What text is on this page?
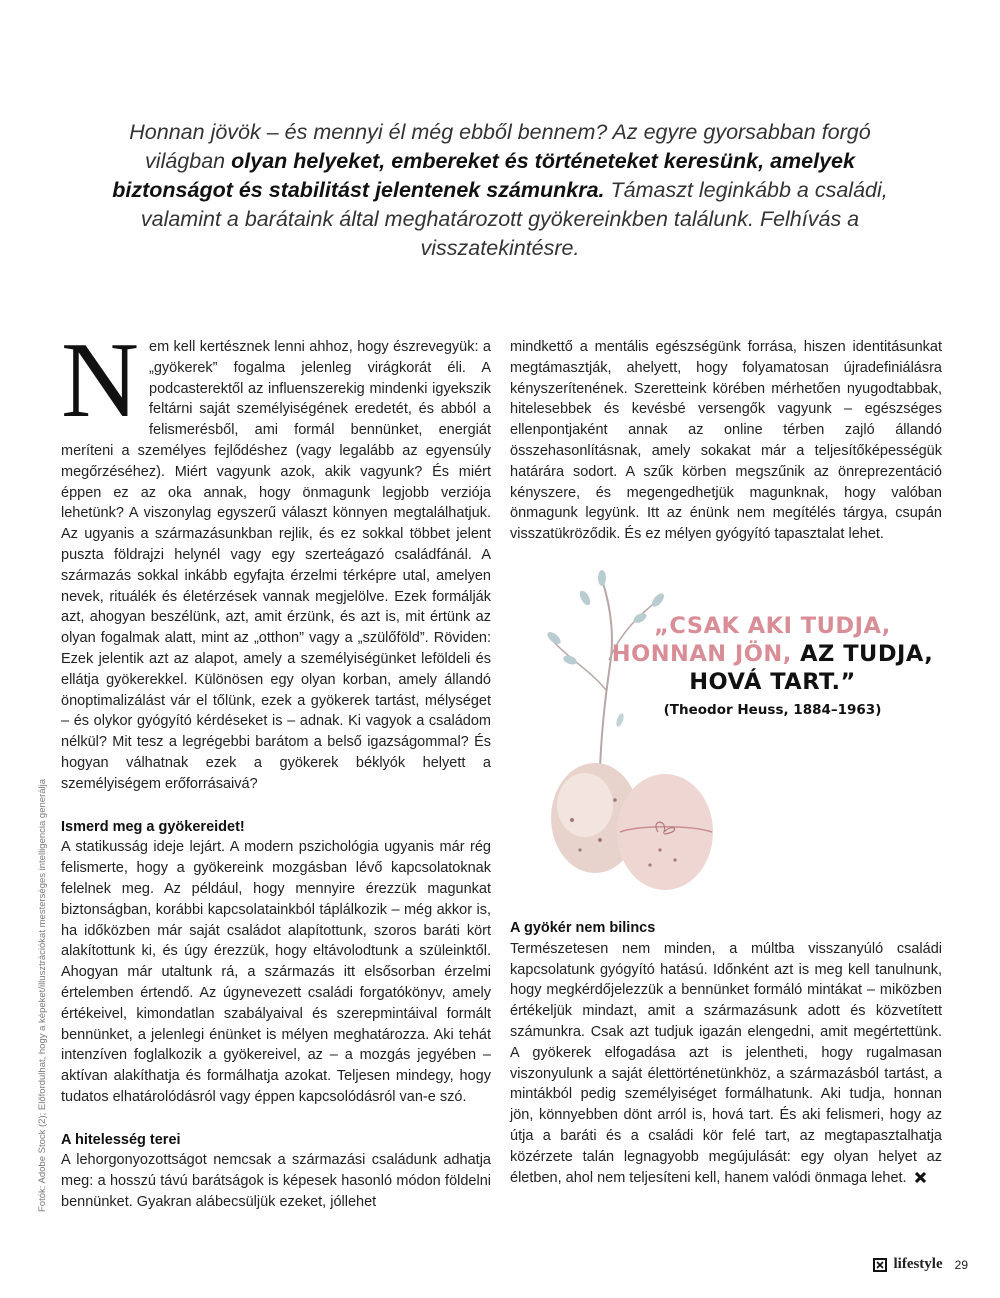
Honnan jövök – és mennyi él még ebből bennem? Az egyre gyorsabban forgó világban olyan helyeket, embereket és történeteket keresünk, amelyek biztonságot és stabilitást jelentenek számunkra. Támaszt leginkább a családi, valamint a barátaink által meghatározott gyökereinkben találunk. Felhívás a visszatekintésre.

N em kell kertésznek lenni ahhoz, hogy észrevegyük: a „gyökerek” fogalma jelenleg virágkorát éli. A podcasterektől az influenszerekig mindenki igyekszik feltárni saját személyiségének eredetét, és abból a felismerésből, ami formál bennünket, energiát meríteni a személyes fejlődéshez (vagy legalább az egyensúly megőrzéséhez). Miért vagyunk azok, akik vagyunk? És miért éppen ez az oka annak, hogy önmagunk legjobb verziója lehetünk? A viszonylag egyszerű választ könnyen megtalálhatjuk. Az ugyanis a származásunkban rejlik, és ez sokkal többet jelent puszta földrajzi helynél vagy egy szerteágazó családfánál. A származás sokkal inkább egyfajta érzelmi térképre utal, amelyen nevek, rituálék és életérzések vannak megjelölve. Ezek formálják azt, ahogyan beszélünk, azt, amit érzünk, és azt is, mit értünk az olyan fogalmak alatt, mint az „otthon” vagy a „szülőföld”. Röviden: Ezek jelentik azt az alapot, amely a személyiségünket leföldeli és ellátja gyökerekkel. Különösen egy olyan korban, amely állandó önoptimalizálást vár el tőlünk, ezek a gyökerek tartást, mélységet – és olykor gyógyító kérdéseket is – adnak. Ki vagyok a családom nélkül? Mit tesz a legrégebbi barátom a belső igazságommal? És hogyan válhatnak ezek a gyökerek béklyók helyett a személyiségem erőforrásaivá?

Ismerd meg a gyökereidet!

A statikusság ideje lejárt. A modern pszichológia ugyanis már rég felismerte, hogy a gyökereink mozgásban lévő kapcsolatoknak felelnek meg. Az például, hogy mennyire érezzük magunkat biztonságban, korábbi kapcsolatainkból táplálkozik – még akkor is, ha időközben már saját családot alapítottunk, szoros baráti kört alakítottunk ki, és úgy érezzük, hogy eltávolodtunk a szüleinktől. Ahogyan már utaltunk rá, a származás itt elsősorban érzelmi értelemben értendő. Az úgynevezett családi forgatókönyv, amely értékeivel, kimondatlan szabályaival és szerepmintáival formált bennünket, a jelenlegi énünket is mélyen meghatározza. Aki tehát intenzíven foglalkozik a gyökereivel, az – a mozgás jegyében – aktívan alakíthatja és formálhatja azokat. Teljesen mindegy, hogy tudatos elhatárolódásról vagy éppen kapcsolódásról van-e szó.

A hitelesség terei

A lehorgonyozottságot nemcsak a származási családunk adhatja meg: a hosszú távú barátságok is képesek hasonló módon földelni bennünket. Gyakran alábecsüljük ezeket, jóllehet

mindkettő a mentális egészségünk forrása, hiszen identitásunkat megtámasztják, ahelyett, hogy folyamatosan újradefiniálásra kényszerítenének. Szeretteink körében mérhetően nyugodtabbak, hitelesebbek és kevésbé versengők vagyunk – egészséges ellenpontjaként annak az online térben zajló állandó összehasonlításnak, amely sokakat már a teljesítőképességük határára sodort. A szűk körben megszűnik az önreprezentáció kényszere, és megengedhetjük magunknak, hogy valóban önmagunk legyünk. Itt az énünk nem megítélés tárgya, csupán visszatükröződik. És ez mélyen gyógyító tapasztalat lehet.

„CSAK AKI TUDJA,
HONNAN JÖN, AZ TUDJA,
HOVÁ TART.”
(Theodor Heuss, 1884–1963)
A gyökér nem bilincs

Természetesen nem minden, a múltba visszanyúló családi kapcsolatunk gyógyító hatású. Időnként azt is meg kell tanulnunk, hogy megkérdőjelezzük a bennünket formáló mintákat – miközben értékeljük mindazt, amit a származásunk adott és közvetített számunkra. Csak azt tudjuk igazán elengedni, amit megértettünk. A gyökerek elfogadása azt is jelentheti, hogy rugalmasan viszonyulunk a saját élettörténetünkhöz, a származásból tartást, a mintákból pedig személyiséget formálhatunk. Aki tudja, honnan jön, könnyebben dönt arról is, hová tart. És aki felismeri, hogy az útja a baráti és a családi kör felé tart, az megtapasztalhatja közérzete talán legnagyobb megújulását: egy olyan helyet az életben, ahol nem teljesíteni kell, hanem valódi önmaga lehet.

Fotók: Adobe Stock (2); Előfordulhat, hogy a képeket/illusztrációkat mesterséges intelligencia generálja
lifestyle 29
